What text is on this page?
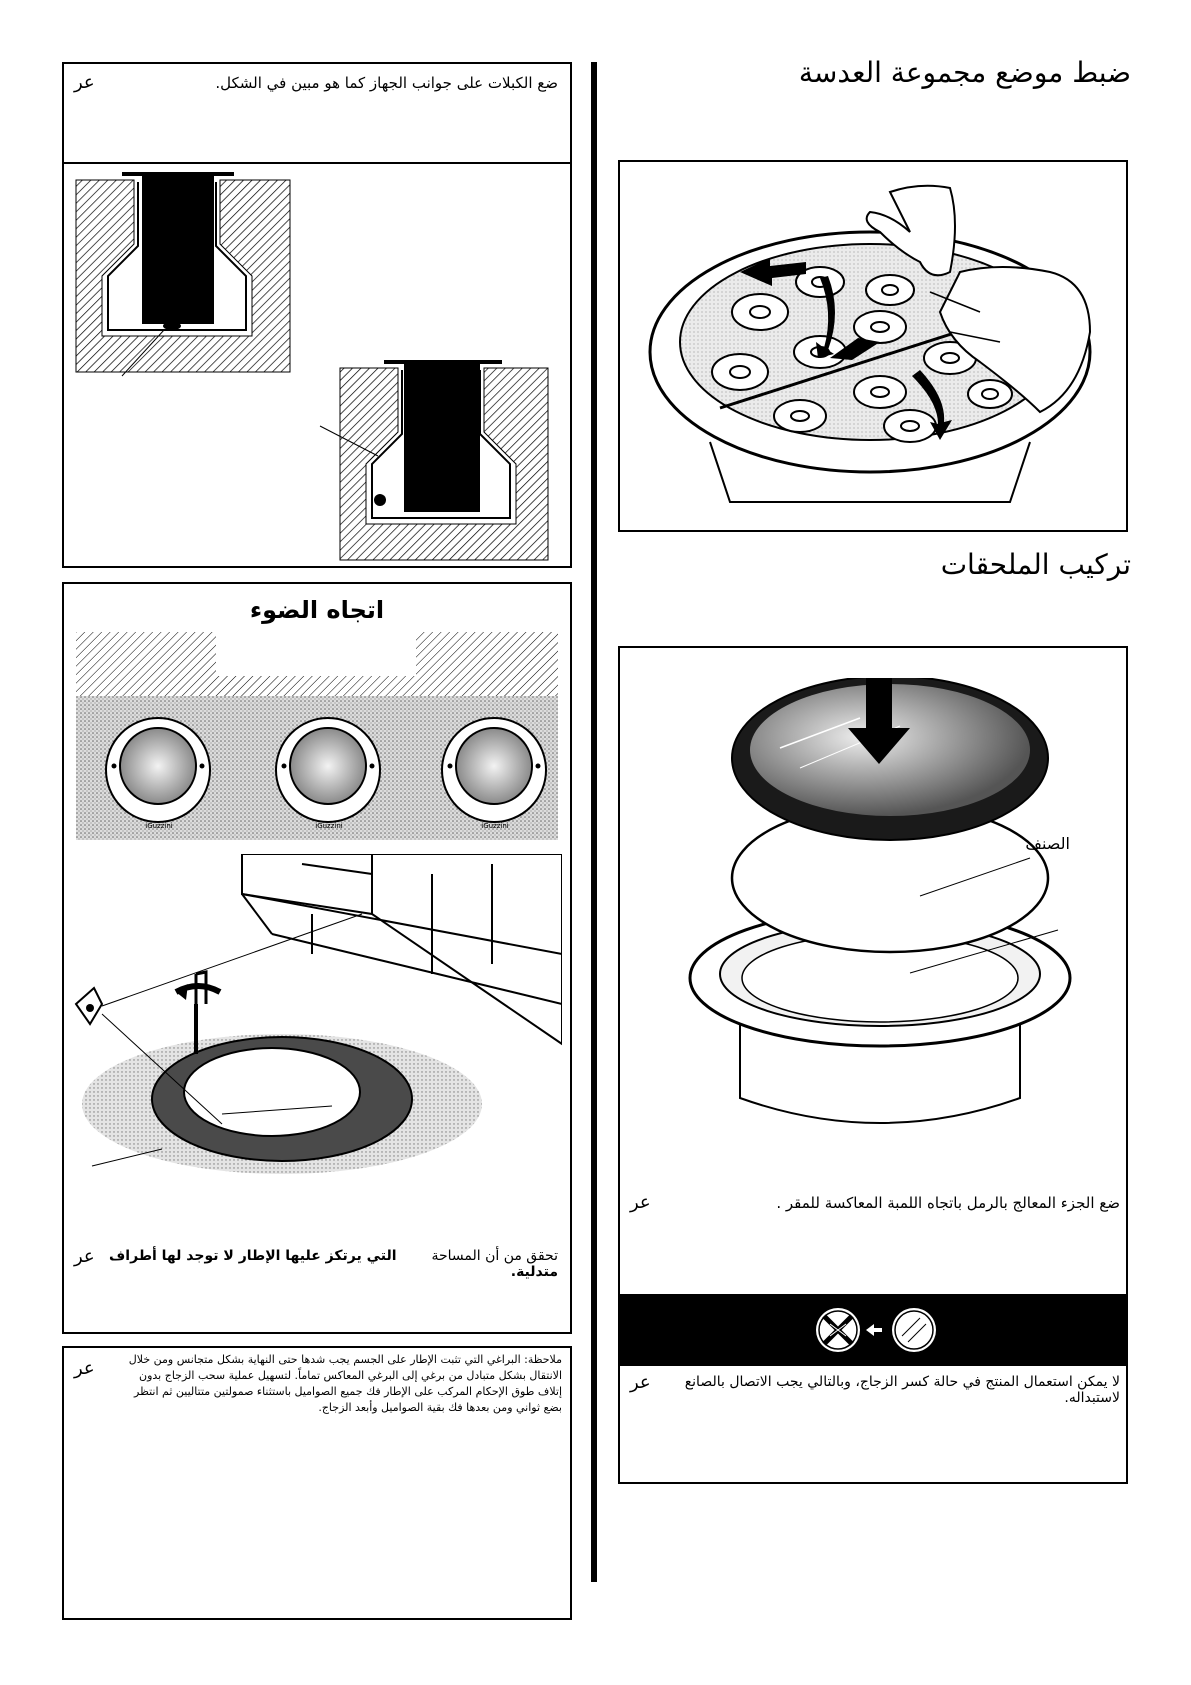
عر	ضع الكبلات على جوانب الجهاز كما هو مبين في الشكل.
اتجاه الضوء
iGuzzini	iGuzzini	iGuzzini
عر	تحقق من أن المساحة  التي يرتكز عليها الإطار لا توجد لها أطراف متدلية.
عر	ملاحظة: البراغي التي تثبت الإطار على الجسم يجب شدها حتى النهاية بشكل متجانس ومن خلال الانتقال بشكل متبادل من برغي إلى البرغي المعاكس تماماً. لتسهيل عملية سحب الزجاج بدون إتلاف طوق الإحكام المركب على الإطار فك جميع الصواميل باستثناء صمولتين متتاليين ثم انتظر بضع ثواني ومن بعدها فك بقية الصواميل وأبعد الزجاج.
ضبط موضع مجموعة العدسة
تركيب الملحقات
الصنف
عر	ضع الجزء المعالج بالرمل باتجاه اللمبة المعاكسة للمقر .
عر	لا يمكن استعمال المنتج في حالة كسر الزجاج، وبالتالي يجب الاتصال بالصانع لاستبداله.
